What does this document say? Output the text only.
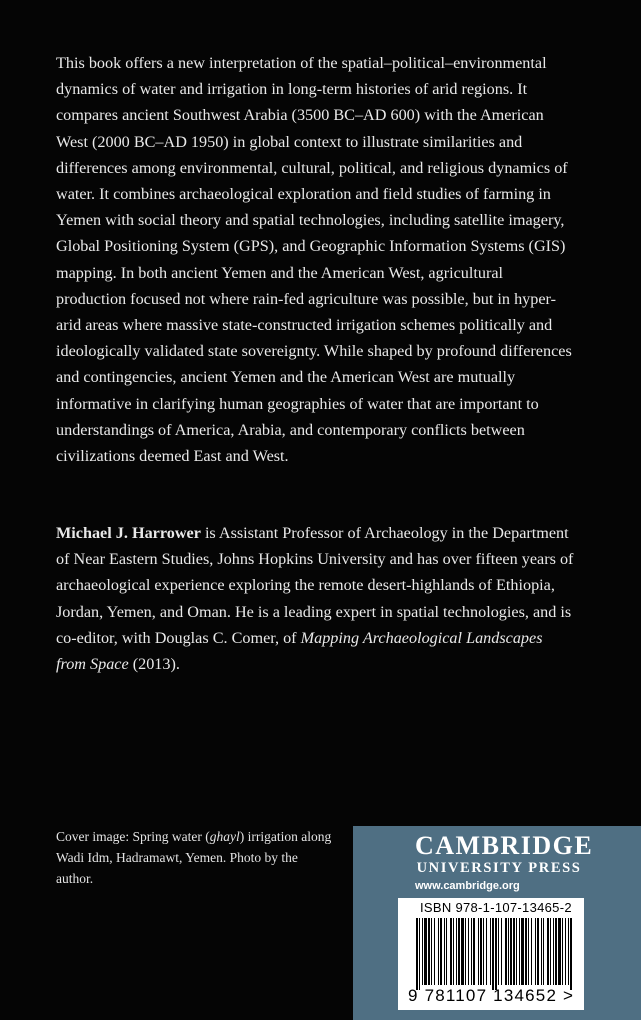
This book offers a new interpretation of the spatial–political–environmental dynamics of water and irrigation in long-term histories of arid regions. It compares ancient Southwest Arabia (3500 BC–AD 600) with the American West (2000 BC–AD 1950) in global context to illustrate similarities and differences among environmental, cultural, political, and religious dynamics of water. It combines archaeological exploration and field studies of farming in Yemen with social theory and spatial technologies, including satellite imagery, Global Positioning System (GPS), and Geographic Information Systems (GIS) mapping. In both ancient Yemen and the American West, agricultural production focused not where rain-fed agriculture was possible, but in hyper-arid areas where massive state-constructed irrigation schemes politically and ideologically validated state sovereignty. While shaped by profound differences and contingencies, ancient Yemen and the American West are mutually informative in clarifying human geographies of water that are important to understandings of America, Arabia, and contemporary conflicts between civilizations deemed East and West.

Michael J. Harrower is Assistant Professor of Archaeology in the Department of Near Eastern Studies, Johns Hopkins University and has over fifteen years of archaeological experience exploring the remote desert-highlands of Ethiopia, Jordan, Yemen, and Oman. He is a leading expert in spatial technologies, and is co-editor, with Douglas C. Comer, of Mapping Archaeological Landscapes from Space (2013).

Cover image: Spring water (ghayl) irrigation along Wadi Idm, Hadramawt, Yemen. Photo by the author.

CAMBRIDGE
UNIVERSITY PRESS
www.cambridge.org
ISBN 978-1-107-13465-2
9 781107 134652 >
